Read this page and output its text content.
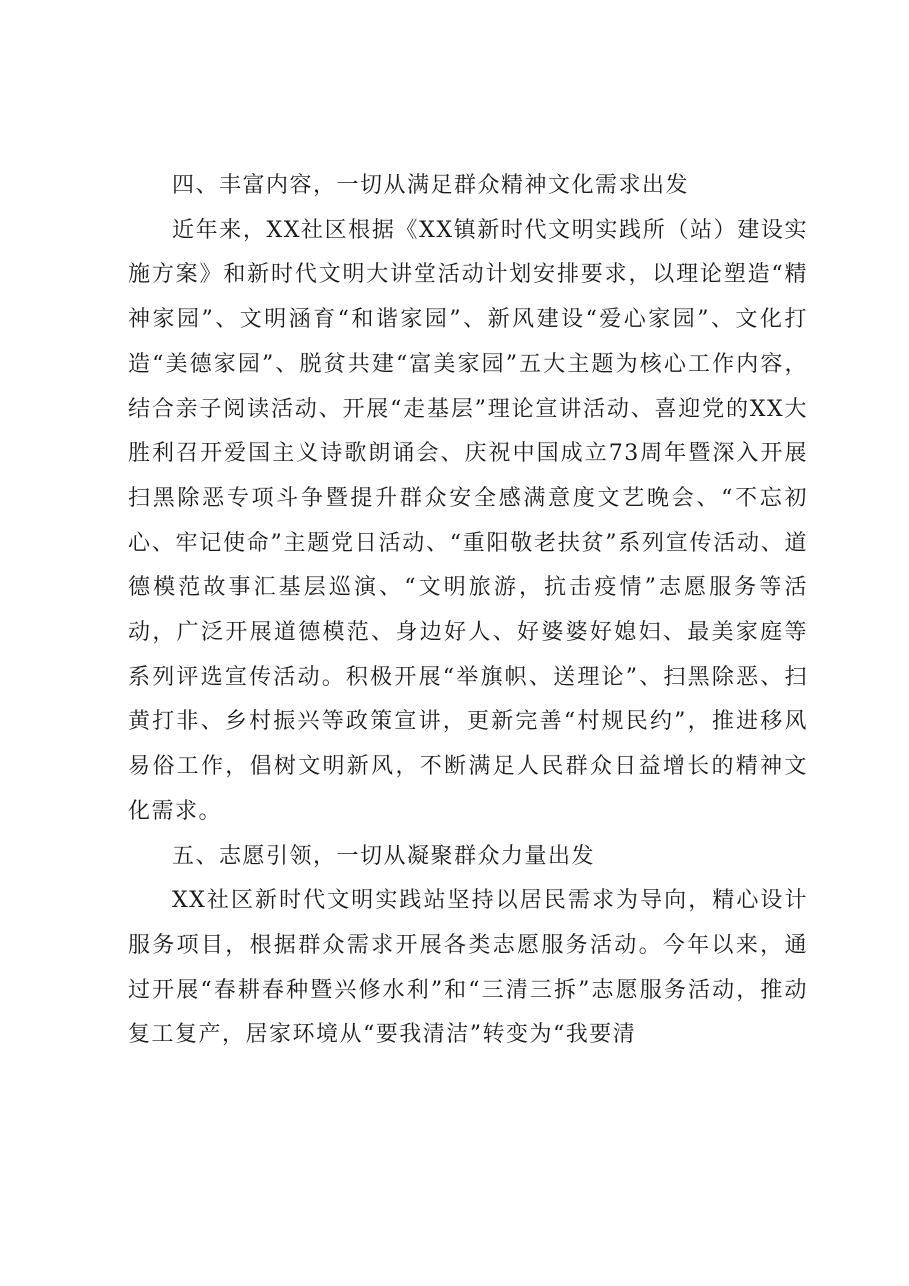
四、丰富内容，一切从满足群众精神文化需求出发

近年来，XX社区根据《XX镇新时代文明实践所（站）建设实施方案》和新时代文明大讲堂活动计划安排要求，以理论塑造“精神家园”、文明涵育“和谐家园”、新风建设“爱心家园”、文化打造“美德家园”、脱贫共建“富美家园”五大主题为核心工作内容，结合亲子阅读活动、开展“走基层”理论宣讲活动、喜迎党的XX大胜利召开爱国主义诗歌朗诵会、庆祝中国成立73周年暨深入开展扫黑除恶专项斗争暨提升群众安全感满意度文艺晚会、“不忘初心、牢记使命”主题党日活动、“重阳敬老扶贫”系列宣传活动、道德模范故事汇基层巡演、“文明旅游，抗击疫情”志愿服务等活动，广泛开展道德模范、身边好人、好婆婆好媳妇、最美家庭等系列评选宣传活动。积极开展“举旗帜、送理论”、扫黑除恶、扫黄打非、乡村振兴等政策宣讲，更新完善“村规民约”，推进移风易俗工作，倡树文明新风，不断满足人民群众日益增长的精神文化需求。

五、志愿引领，一切从凝聚群众力量出发

XX社区新时代文明实践站坚持以居民需求为导向，精心设计服务项目，根据群众需求开展各类志愿服务活动。今年以来，通过开展“春耕春种暨兴修水利”和“三清三拆”志愿服务活动，推动复工复产，居家环境从“要我清洁”转变为“我要清
